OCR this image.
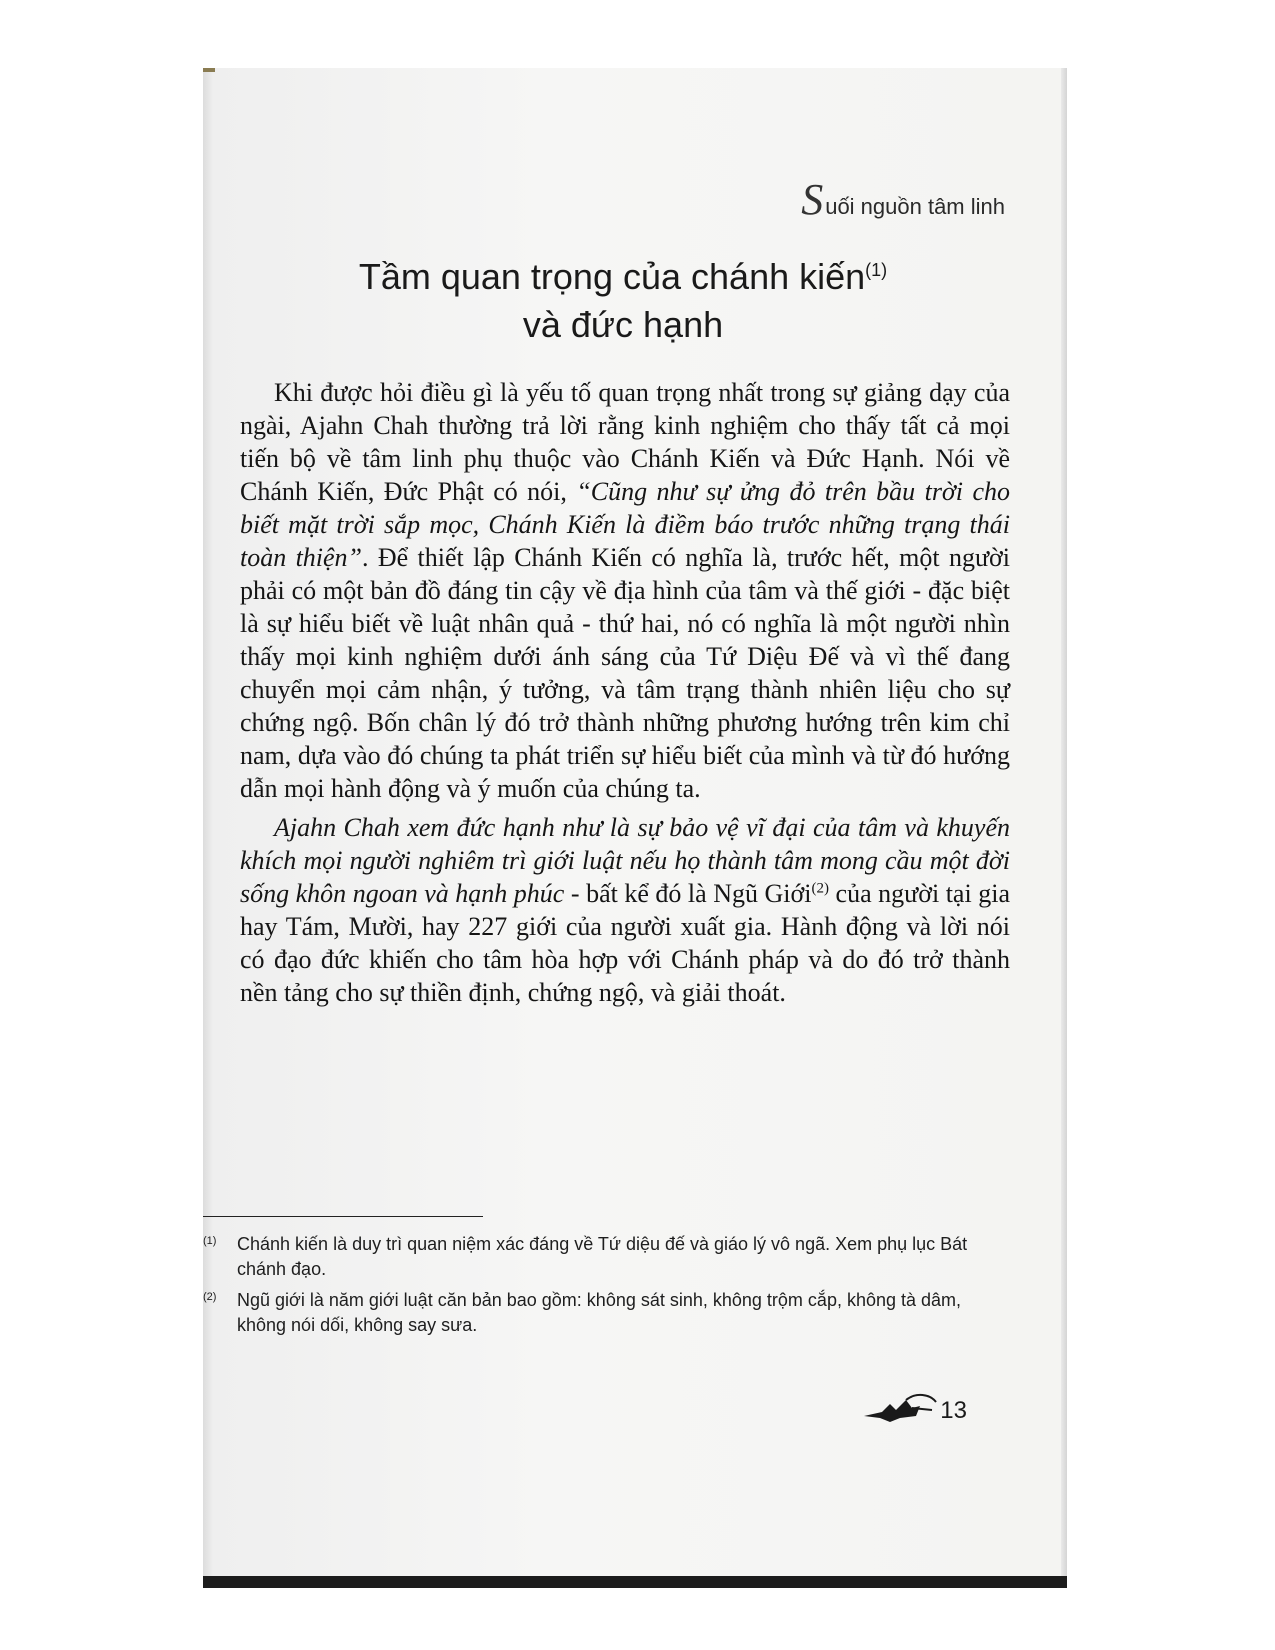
S uối nguồn tâm linh
Tầm quan trọng của chánh kiến$^{(1)}$
và đức hạnh

Khi được hỏi điều gì là yếu tố quan trọng nhất trong sự giảng dạy của ngài, Ajahn Chah thường trả lời rằng kinh nghiệm cho thấy tất cả mọi tiến bộ về tâm linh phụ thuộc vào Chánh Kiến và Đức Hạnh. Nói về Chánh Kiến, Đức Phật có nói, “Cũng như sự ửng đỏ trên bầu trời cho biết mặt trời sắp mọc, Chánh Kiến là điềm báo trước những trạng thái toàn thiện”. Để thiết lập Chánh Kiến có nghĩa là, trước hết, một người phải có một bản đồ đáng tin cậy về địa hình của tâm và thế giới - đặc biệt là sự hiểu biết về luật nhân quả - thứ hai, nó có nghĩa là một người nhìn thấy mọi kinh nghiệm dưới ánh sáng của Tứ Diệu Đế và vì thế đang chuyển mọi cảm nhận, ý tưởng, và tâm trạng thành nhiên liệu cho sự chứng ngộ. Bốn chân lý đó trở thành những phương hướng trên kim chỉ nam, dựa vào đó chúng ta phát triển sự hiểu biết của mình và từ đó hướng dẫn mọi hành động và ý muốn của chúng ta.

Ajahn Chah xem đức hạnh như là sự bảo vệ vĩ đại của tâm và khuyến khích mọi người nghiêm trì giới luật nếu họ thành tâm mong cầu một đời sống khôn ngoan và hạnh phúc - bất kể đó là Ngũ Giới$^{(2)}$ của người tại gia hay Tám, Mười, hay 227 giới của người xuất gia. Hành động và lời nói có đạo đức khiến cho tâm hòa hợp với Chánh pháp và do đó trở thành nền tảng cho sự thiền định, chứng ngộ, và giải thoát.

(1)	Chánh kiến là duy trì quan niệm xác đáng về Tứ diệu đế và giáo lý vô ngã. Xem phụ lục Bát chánh đạo.
(2)	Ngũ giới là năm giới luật căn bản bao gồm: không sát sinh, không trộm cắp, không tà dâm, không nói dối, không say sưa.
13
